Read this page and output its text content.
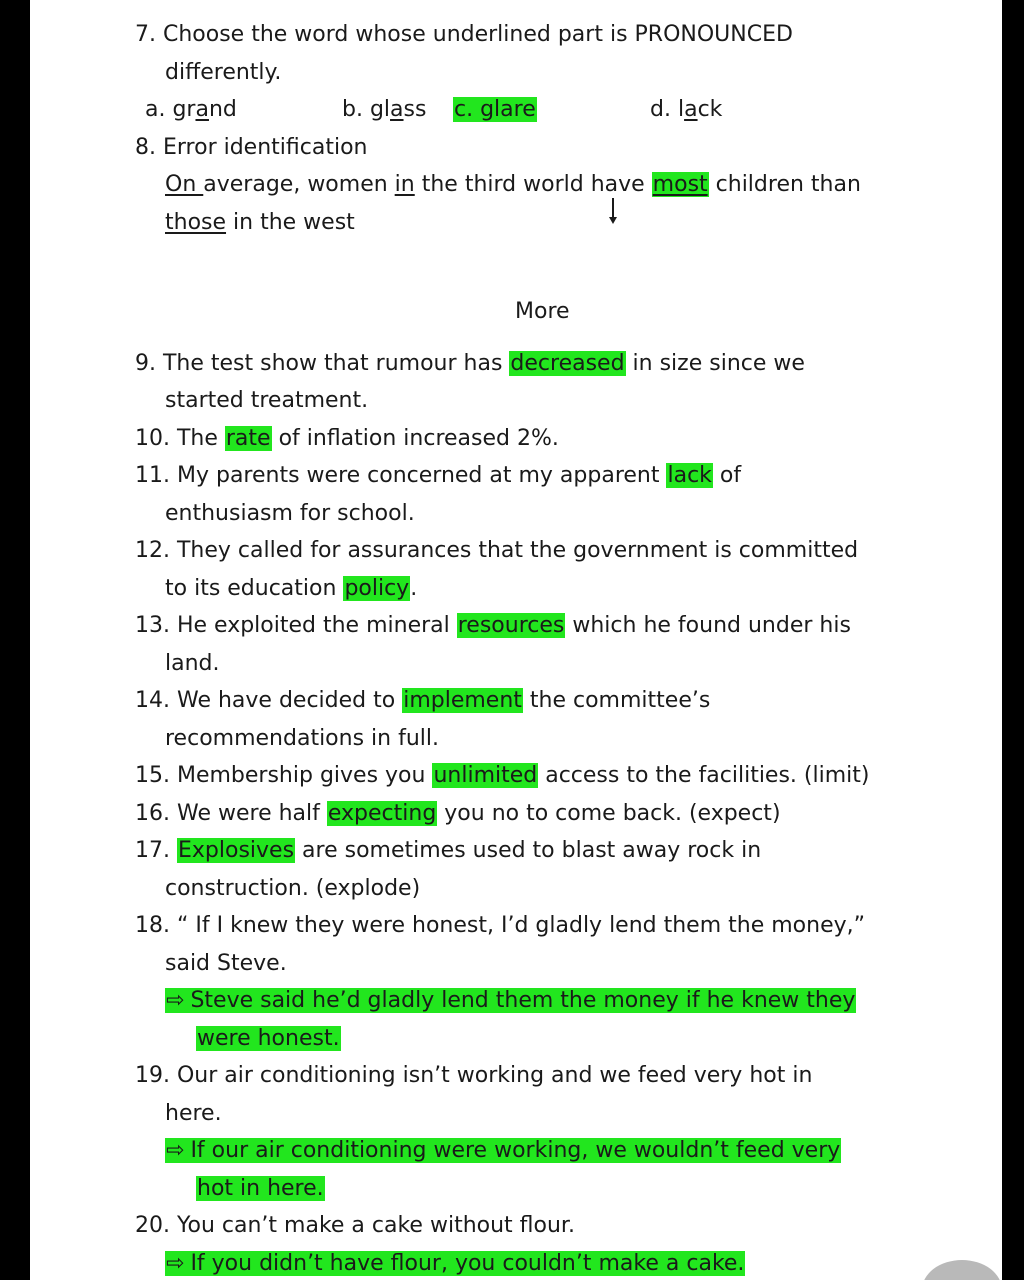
7. Choose the word whose underlined part is PRONOUNCED
differently.
a. grand	b. glass c. glare	d. lack
8. Error identification
On average, women in the third world have most children than
those in the west
More
9. The test show that rumour has decreased in size since we
started treatment.
10. The rate of inflation increased 2%.
11. My parents were concerned at my apparent lack of
enthusiasm for school.
12. They called for assurances that the government is committed
to its education policy.
13. He exploited the mineral resources which he found under his
land.
14. We have decided to implement the committee’s
recommendations in full.
15. Membership gives you unlimited access to the facilities. (limit)
16. We were half expecting you no to come back. (expect)
17. Explosives are sometimes used to blast away rock in
construction. (explode)
18. “ If I knew they were honest, I’d gladly lend them the money,”
said Steve.
⇨ Steve said he’d gladly lend them the money if he knew they
were honest.
19. Our air conditioning isn’t working and we feed very hot in
here.
⇨ If our air conditioning were working, we wouldn’t feed very
hot in here.
20. You can’t make a cake without flour.
⇨ If you didn’t have flour, you couldn’t make a cake.
